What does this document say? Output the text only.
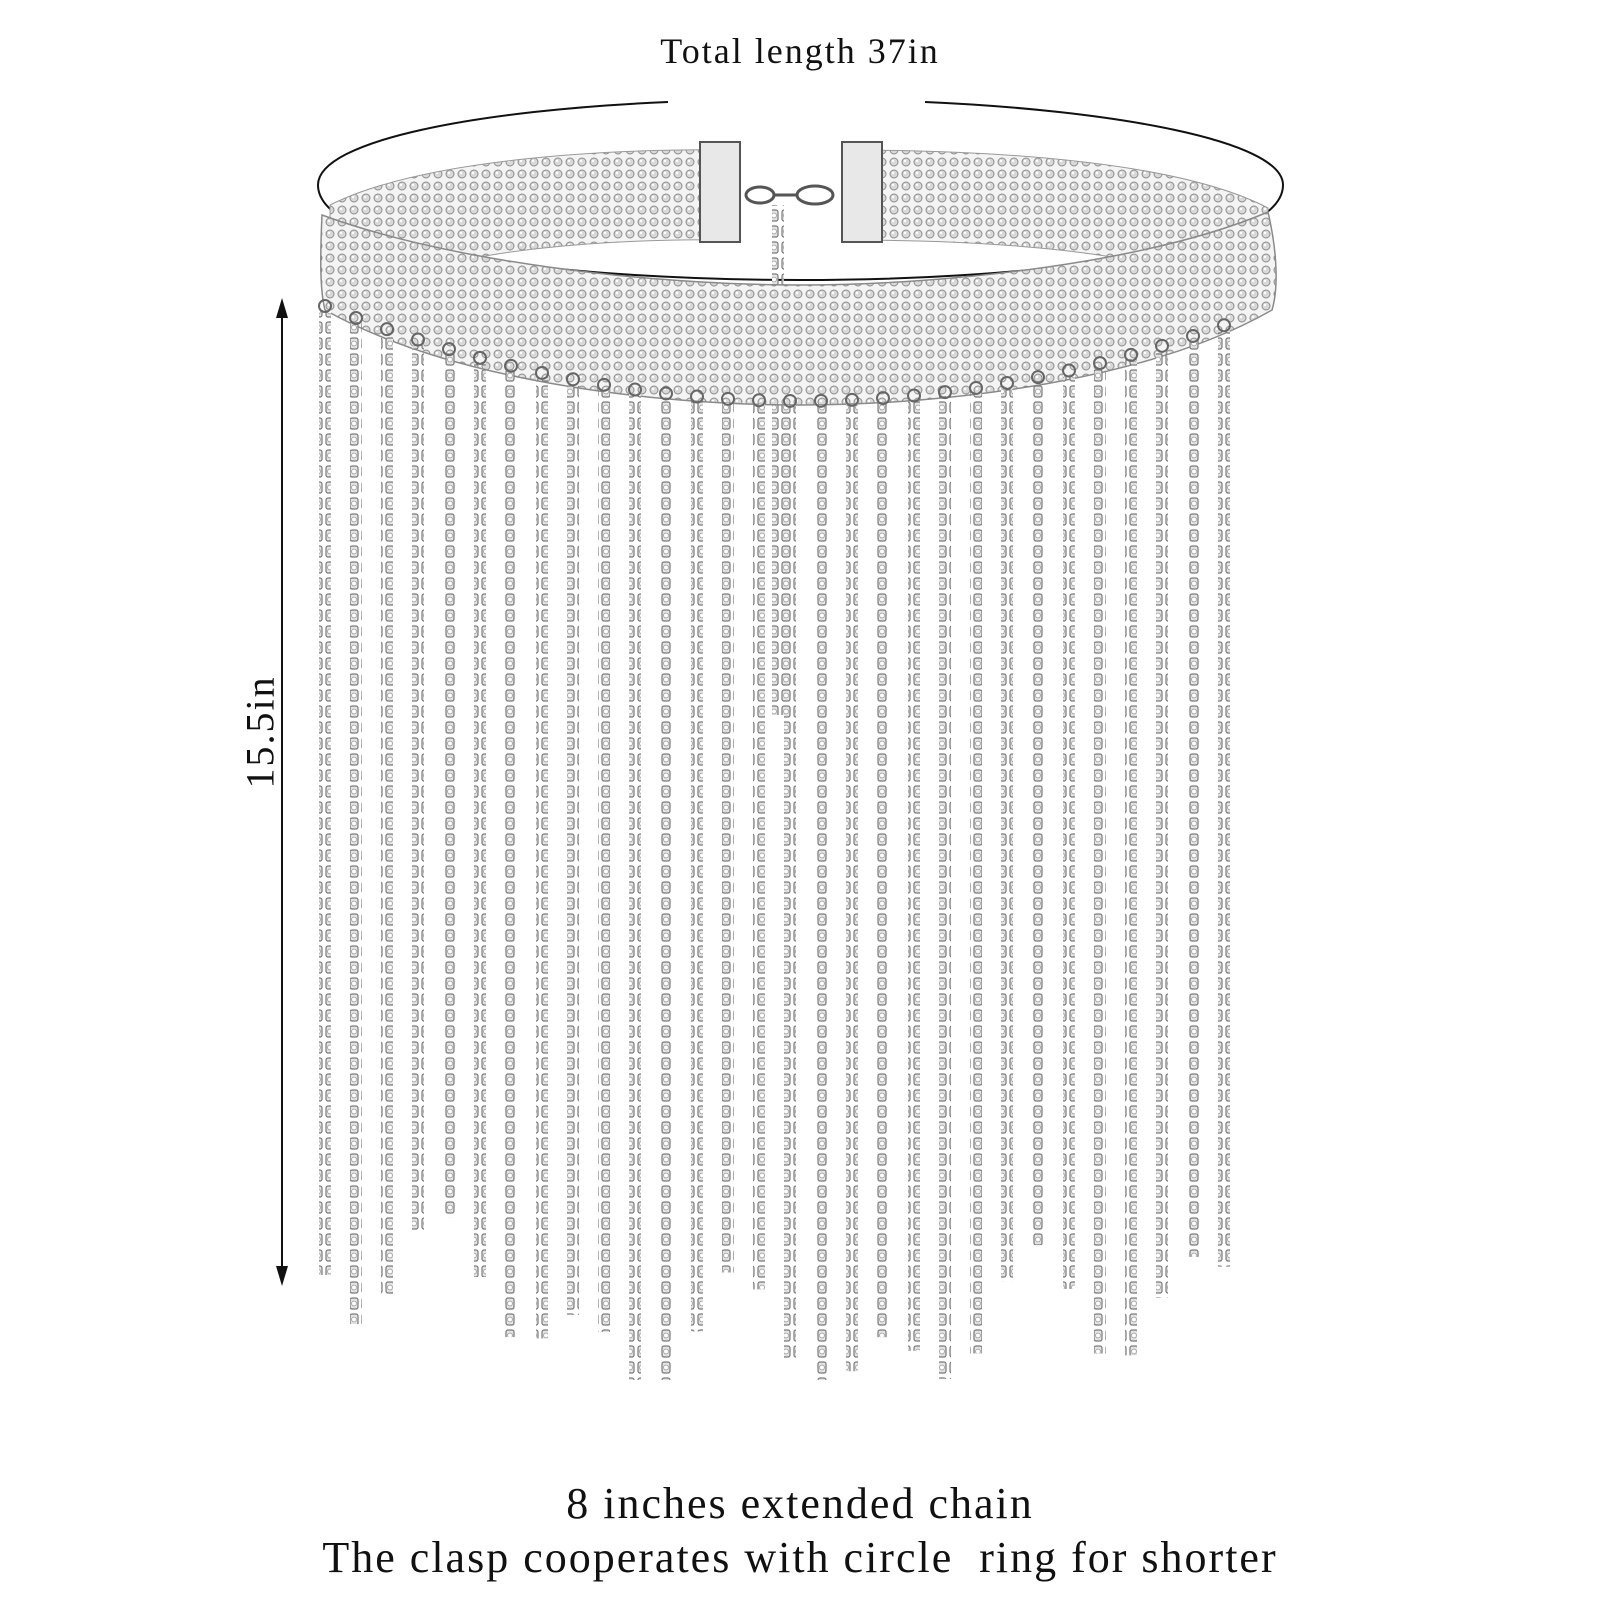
Total length 37in
15.5in
8 inches extended chain
The clasp cooperates with circle  ring for shorter
